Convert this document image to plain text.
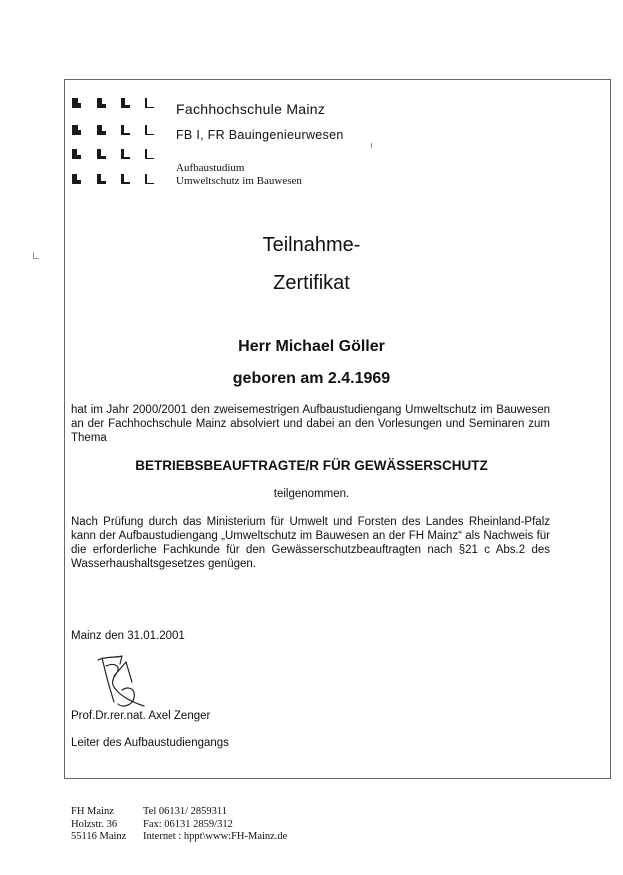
Fachhochschule Mainz
FB I, FR Bauingenieurwesen
Aufbaustudium
Umweltschutz im Bauwesen
Teilnahme-
Zertifikat
Herr Michael Göller
geboren am 2.4.1969
hat im Jahr 2000/2001 den zweisemestrigen Aufbaustudiengang Umweltschutz im Bauwesen an der Fachhochschule Mainz absolviert und dabei an den Vorlesungen und Seminaren zum Thema
BETRIEBSBEAUFTRAGTE/R FÜR GEWÄSSERSCHUTZ
teilgenommen.
Nach Prüfung durch das Ministerium für Umwelt und Forsten des Landes Rheinland-Pfalz kann der Aufbaustudiengang „Umweltschutz im Bauwesen an der FH Mainz“ als Nachweis für die erforderliche Fachkunde für den Gewässerschutzbeauftragten nach §21 c Abs.2 des Wasserhaushaltsgesetzes genügen.
Mainz den 31.01.2001
Prof.Dr.rer.nat. Axel Zenger
Leiter des Aufbaustudiengangs
FH Mainz
Holzstr. 36
55116 Mainz
Tel 06131/ 2859311
Fax: 06131 2859/312
Internet : hppt\www:FH-Mainz.de
